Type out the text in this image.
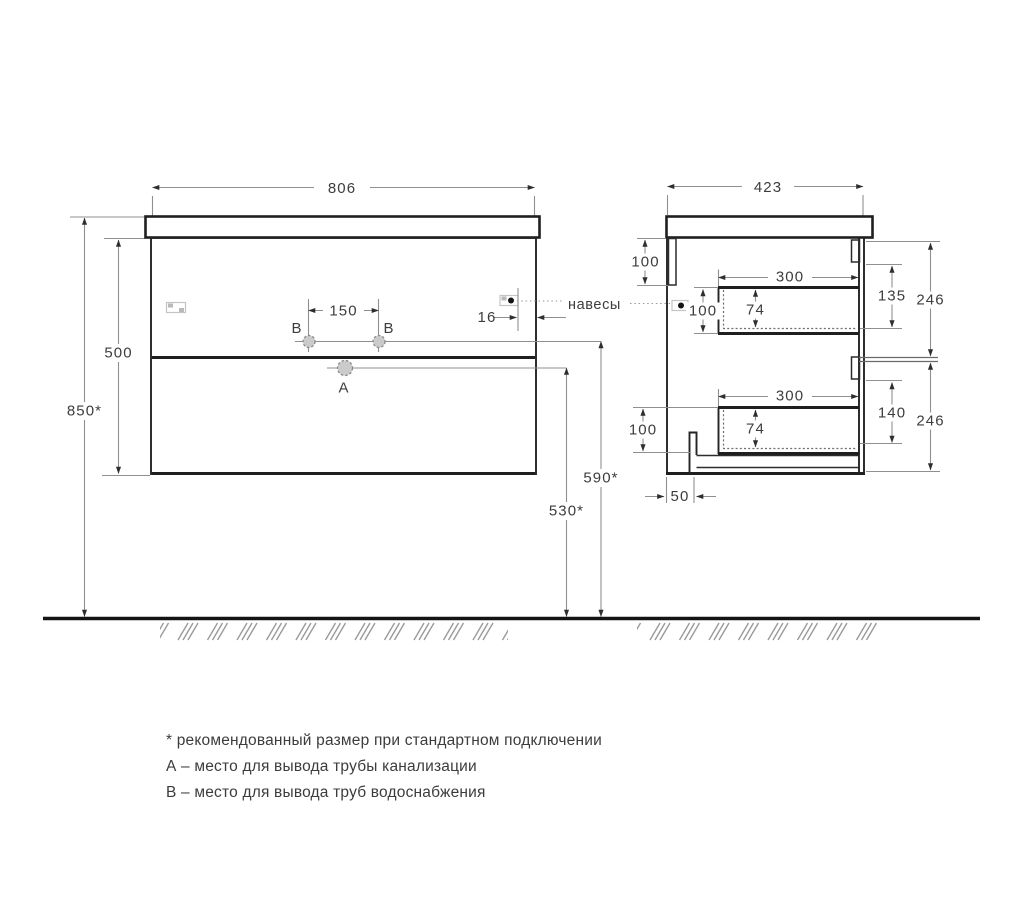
806
850*
500
16
150
B	B
A
590*
530*
навесы
423
100
300
74
100
135 246
300
74
100
140 246
50
* рекомендованный размер при стандартном подключении
А – место для вывода трубы канализации
В – место для вывода труб водоснабжения
